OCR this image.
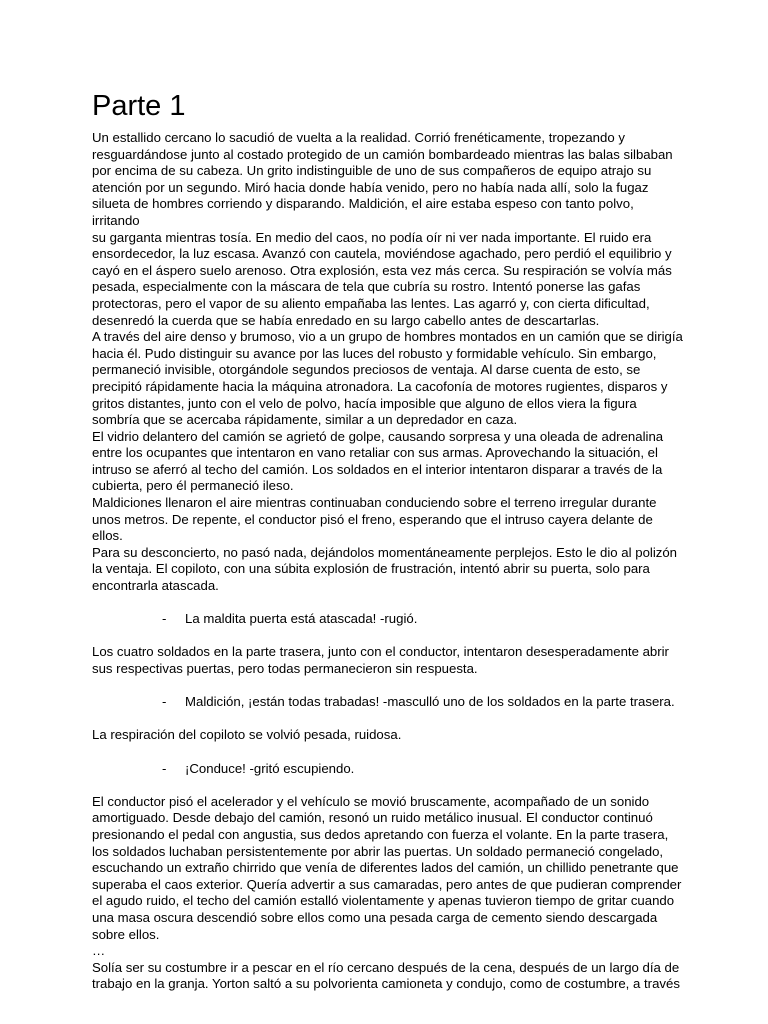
Parte 1

Un estallido cercano lo sacudió de vuelta a la realidad. Corrió frenéticamente, tropezando y
resguardándose junto al costado protegido de un camión bombardeado mientras las balas silbaban
por encima de su cabeza. Un grito indistinguible de uno de sus compañeros de equipo atrajo su
atención por un segundo. Miró hacia donde había venido, pero no había nada allí, solo la fugaz
silueta de hombres corriendo y disparando. Maldición, el aire estaba espeso con tanto polvo, irritando
su garganta mientras tosía. En medio del caos, no podía oír ni ver nada importante. El ruido era
ensordecedor, la luz escasa. Avanzó con cautela, moviéndose agachado, pero perdió el equilibrio y
cayó en el áspero suelo arenoso. Otra explosión, esta vez más cerca. Su respiración se volvía más
pesada, especialmente con la máscara de tela que cubría su rostro. Intentó ponerse las gafas
protectoras, pero el vapor de su aliento empañaba las lentes. Las agarró y, con cierta dificultad,
desenredó la cuerda que se había enredado en su largo cabello antes de descartarlas.

A través del aire denso y brumoso, vio a un grupo de hombres montados en un camión que se dirigía
hacia él. Pudo distinguir su avance por las luces del robusto y formidable vehículo. Sin embargo,
permaneció invisible, otorgándole segundos preciosos de ventaja. Al darse cuenta de esto, se
precipitó rápidamente hacia la máquina atronadora. La cacofonía de motores rugientes, disparos y
gritos distantes, junto con el velo de polvo, hacía imposible que alguno de ellos viera la figura
sombría que se acercaba rápidamente, similar a un depredador en caza.

El vidrio delantero del camión se agrietó de golpe, causando sorpresa y una oleada de adrenalina
entre los ocupantes que intentaron en vano retaliar con sus armas. Aprovechando la situación, el
intruso se aferró al techo del camión. Los soldados en el interior intentaron disparar a través de la
cubierta, pero él permaneció ileso.

Maldiciones llenaron el aire mientras continuaban conduciendo sobre el terreno irregular durante
unos metros. De repente, el conductor pisó el freno, esperando que el intruso cayera delante de ellos.
Para su desconcierto, no pasó nada, dejándolos momentáneamente perplejos. Esto le dio al polizón
la ventaja. El copiloto, con una súbita explosión de frustración, intentó abrir su puerta, solo para
encontrarla atascada.

- La maldita puerta está atascada! -rugió.

Los cuatro soldados en la parte trasera, junto con el conductor, intentaron desesperadamente abrir
sus respectivas puertas, pero todas permanecieron sin respuesta.

- Maldición, ¡están todas trabadas! -masculló uno de los soldados en la parte trasera.

La respiración del copiloto se volvió pesada, ruidosa.

- ¡Conduce! -gritó escupiendo.

El conductor pisó el acelerador y el vehículo se movió bruscamente, acompañado de un sonido
amortiguado. Desde debajo del camión, resonó un ruido metálico inusual. El conductor continuó
presionando el pedal con angustia, sus dedos apretando con fuerza el volante. En la parte trasera,
los soldados luchaban persistentemente por abrir las puertas. Un soldado permaneció congelado,
escuchando un extraño chirrido que venía de diferentes lados del camión, un chillido penetrante que
superaba el caos exterior. Quería advertir a sus camaradas, pero antes de que pudieran comprender
el agudo ruido, el techo del camión estalló violentamente y apenas tuvieron tiempo de gritar cuando
una masa oscura descendió sobre ellos como una pesada carga de cemento siendo descargada
sobre ellos.

…

Solía ser su costumbre ir a pescar en el río cercano después de la cena, después de un largo día de
trabajo en la granja. Yorton saltó a su polvorienta camioneta y condujo, como de costumbre, a través
